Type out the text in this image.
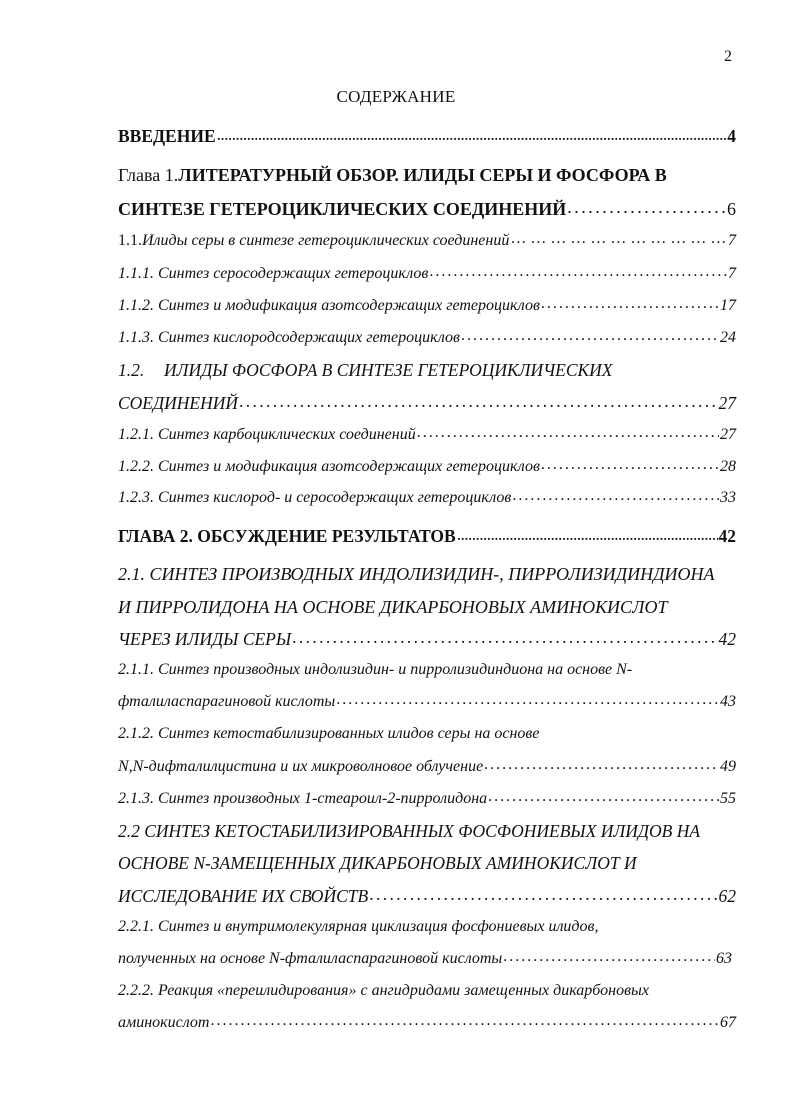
2
СОДЕРЖАНИЕ
ВВЕДЕНИЕ . . .	4
Глава 1. ЛИТЕРАТУРНЫЙ ОБЗОР. ИЛИДЫ СЕРЫ И ФОСФОРА В
СИНТЕЗЕ ГЕТЕРОЦИКЛИЧЕСКИХ СОЕДИНЕНИЙ . . .	6
1.1. Илиды серы в синтезе гетероциклических соединений … … … … … … … … … … … … … … … … … … … … … … … … … … … … … … … … … … … … … … … … … … … …	7
1.1.1. Синтез серосодержащих гетероциклов . . .	7
1.1.2. Синтез и модификация азотсодержащих гетероциклов . . .	17
1.1.3. Синтез кислородсодержащих гетероциклов . . .	24
1.2.	ИЛИДЫ ФОСФОРА В СИНТЕЗЕ ГЕТЕРОЦИКЛИЧЕСКИХ
СОЕДИНЕНИЙ . . .	27
1.2.1. Синтез карбоциклических соединений . . .	27
1.2.2. Синтез и модификация азотсодержащих гетероциклов . . .	28
1.2.3. Синтез кислород- и серосодержащих гетероциклов . . .	33
ГЛАВА 2. ОБСУЖДЕНИЕ РЕЗУЛЬТАТОВ . . .	42
2.1. СИНТЕЗ ПРОИЗВОДНЫХ ИНДОЛИЗИДИН-, ПИРРОЛИЗИДИНДИОНА
И ПИРРОЛИДОНА НА ОСНОВЕ ДИКАРБОНОВЫХ АМИНОКИСЛОТ
ЧЕРЕЗ ИЛИДЫ СЕРЫ . . .	42
2.1.1. Синтез производных индолизидин- и пирролизидиндиона на основе N-
фталиласпарагиновой кислоты . . .	43
2.1.2. Синтез кетостабилизированных илидов серы на основе
N,N-дифталилцистина и их микроволновое облучение . . .	49
2.1.3. Синтез производных 1-стеароил-2-пирролидона . . .	55
2.2 СИНТЕЗ КЕТОСТАБИЛИЗИРОВАННЫХ ФОСФОНИЕВЫХ ИЛИДОВ НА
ОСНОВЕ N-ЗАМЕЩЕННЫХ ДИКАРБОНОВЫХ АМИНОКИСЛОТ И
ИССЛЕДОВАНИЕ ИХ СВОЙСТВ . . .	62
2.2.1. Синтез и внутримолекулярная циклизация фосфониевых илидов,
полученных на основе N-фталиласпарагиновой кислоты . . .	63
2.2.2. Реакция «переилидирования» с ангидридами замещенных дикарбоновых
аминокислот . . .	67
